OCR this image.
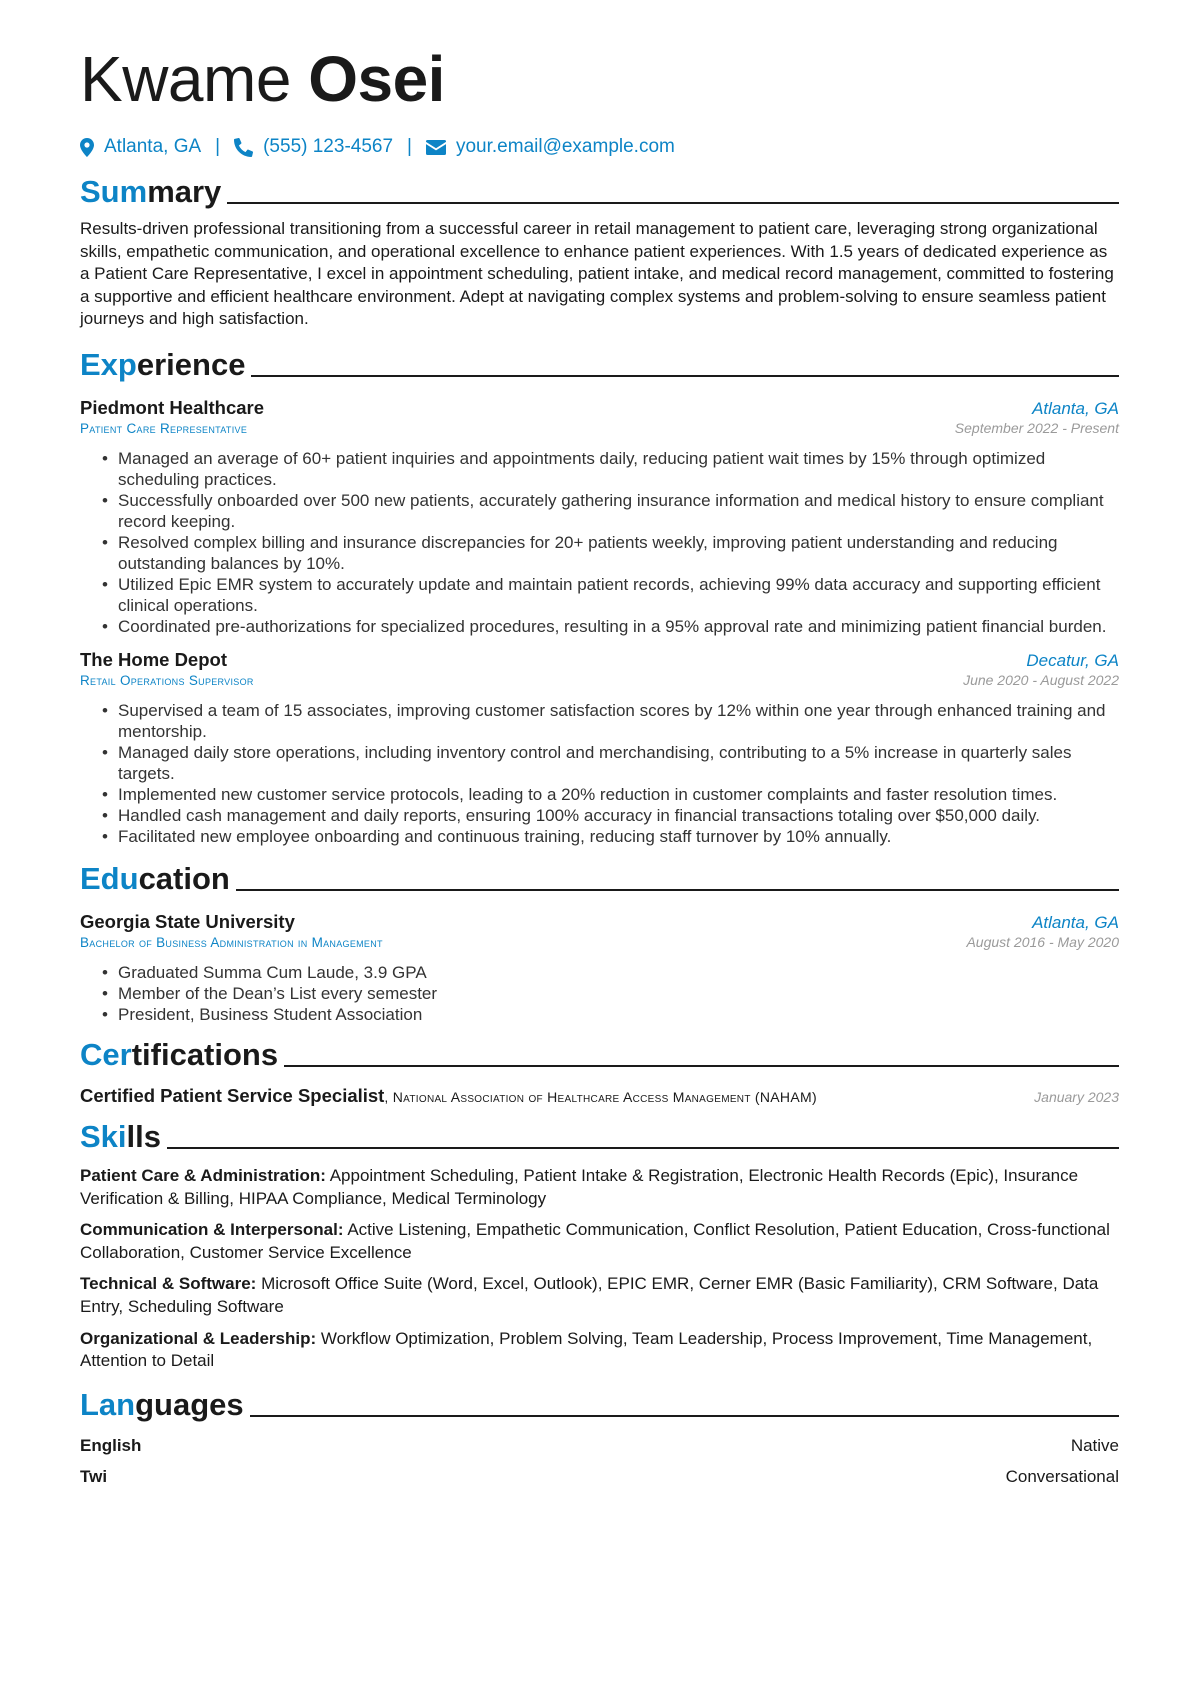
Kwame Osei
Atlanta, GA | (555) 123-4567 | your.email@example.com
Summary

Results-driven professional transitioning from a successful career in retail management to patient care, leveraging strong organizational skills, empathetic communication, and operational excellence to enhance patient experiences. With 1.5 years of dedicated experience as a Patient Care Representative, I excel in appointment scheduling, patient intake, and medical record management, committed to fostering a supportive and efficient healthcare environment. Adept at navigating complex systems and problem-solving to ensure seamless patient journeys and high satisfaction.

Experience
Piedmont Healthcare	Atlanta, GA
Patient Care Representative	September 2022 - Present
• Managed an average of 60+ patient inquiries and appointments daily, reducing patient wait times by 15% through optimized scheduling practices.
• Successfully onboarded over 500 new patients, accurately gathering insurance information and medical history to ensure compliant record keeping.
• Resolved complex billing and insurance discrepancies for 20+ patients weekly, improving patient understanding and reducing outstanding balances by 10%.
• Utilized Epic EMR system to accurately update and maintain patient records, achieving 99% data accuracy and supporting efficient clinical operations.
• Coordinated pre-authorizations for specialized procedures, resulting in a 95% approval rate and minimizing patient financial burden.
The Home Depot	Decatur, GA
Retail Operations Supervisor	June 2020 - August 2022
• Supervised a team of 15 associates, improving customer satisfaction scores by 12% within one year through enhanced training and mentorship.
• Managed daily store operations, including inventory control and merchandising, contributing to a 5% increase in quarterly sales targets.
• Implemented new customer service protocols, leading to a 20% reduction in customer complaints and faster resolution times.
• Handled cash management and daily reports, ensuring 100% accuracy in financial transactions totaling over $50,000 daily.
• Facilitated new employee onboarding and continuous training, reducing staff turnover by 10% annually.
Education
Georgia State University	Atlanta, GA
Bachelor of Business Administration in Management	August 2016 - May 2020
• Graduated Summa Cum Laude, 3.9 GPA
• Member of the Dean’s List every semester
• President, Business Student Association
Certifications
Certified Patient Service Specialist, National Association of Healthcare Access Management (NAHAM)	January 2023
Skills

Patient Care & Administration: Appointment Scheduling, Patient Intake & Registration, Electronic Health Records (Epic), Insurance Verification & Billing, HIPAA Compliance, Medical Terminology

Communication & Interpersonal: Active Listening, Empathetic Communication, Conflict Resolution, Patient Education, Cross-functional Collaboration, Customer Service Excellence

Technical & Software: Microsoft Office Suite (Word, Excel, Outlook), EPIC EMR, Cerner EMR (Basic Familiarity), CRM Software, Data Entry, Scheduling Software

Organizational & Leadership: Workflow Optimization, Problem Solving, Team Leadership, Process Improvement, Time Management, Attention to Detail

Languages
English	Native
Twi	Conversational
